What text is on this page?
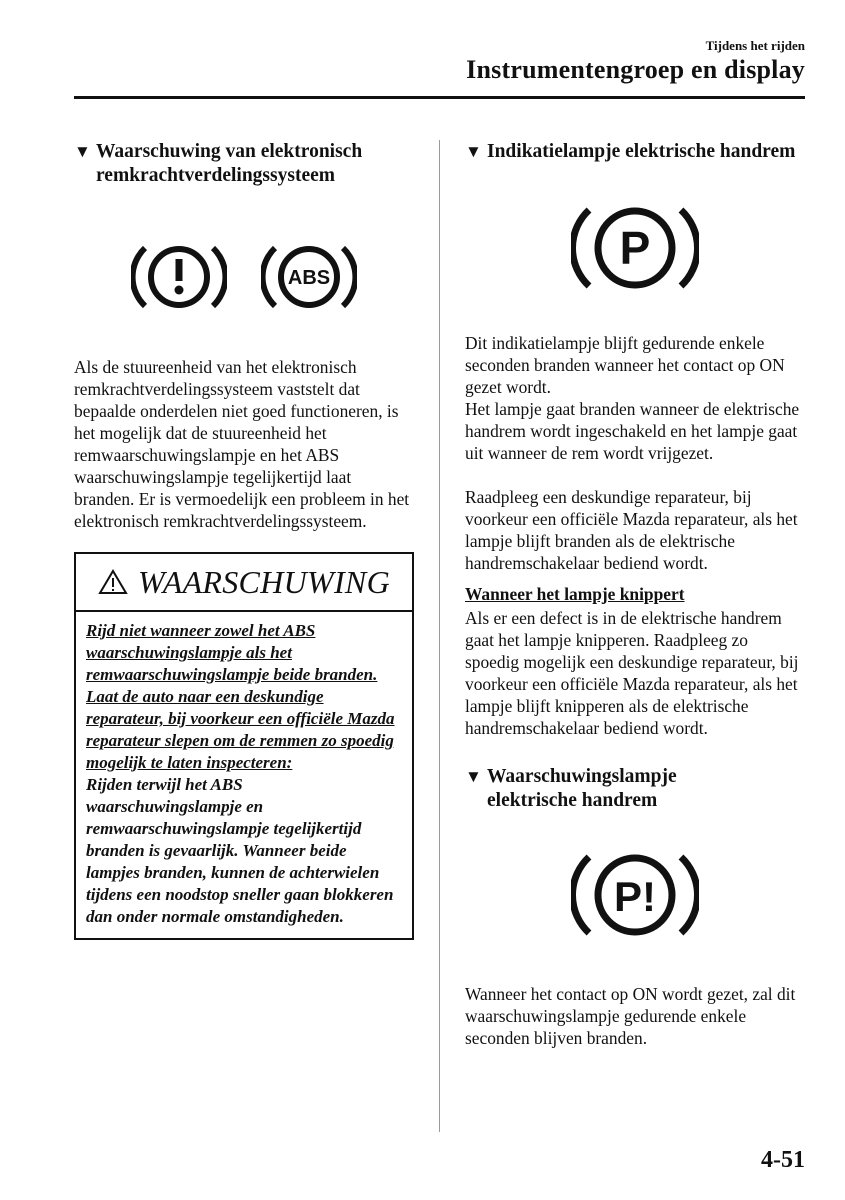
Tijdens het rijden
Instrumentengroep en display
▼ Waarschuwing van elektronisch
remkrachtverdelingssysteem
ABS

Als de stuureenheid van het elektronisch remkrachtverdelingssysteem vaststelt dat bepaalde onderdelen niet goed functioneren, is het mogelijk dat de stuureenheid het remwaarschuwingslampje en het ABS waarschuwingslampje tegelijkertijd laat branden. Er is vermoedelijk een probleem in het elektronisch remkrachtverdelingssysteem.

WAARSCHUWING
Rijd niet wanneer zowel het ABS waarschuwingslampje als het remwaarschuwingslampje beide branden. Laat de auto naar een deskundige reparateur, bij voorkeur een officiële Mazda reparateur slepen om de remmen zo spoedig mogelijk te laten inspecteren:
Rijden terwijl het ABS waarschuwingslampje en remwaarschuwingslampje tegelijkertijd branden is gevaarlijk. Wanneer beide lampjes branden, kunnen de achterwielen tijdens een noodstop sneller gaan blokkeren dan onder normale omstandigheden.
▼ Indikatielampje elektrische handrem
P

Dit indikatielampje blijft gedurende enkele seconden branden wanneer het contact op ON gezet wordt.

Het lampje gaat branden wanneer de elektrische handrem wordt ingeschakeld en het lampje gaat uit wanneer de rem wordt vrijgezet.

Raadpleeg een deskundige reparateur, bij voorkeur een officiële Mazda reparateur, als het lampje blijft branden als de elektrische handremschakelaar bediend wordt.

Wanneer het lampje knippert

Als er een defect is in de elektrische handrem gaat het lampje knipperen. Raadpleeg zo spoedig mogelijk een deskundige reparateur, bij voorkeur een officiële Mazda reparateur, als het lampje blijft knipperen als de elektrische handremschakelaar bediend wordt.

▼ Waarschuwingslampje
elektrische handrem
P!

Wanneer het contact op ON wordt gezet, zal dit waarschuwingslampje gedurende enkele seconden blijven branden.

4-51
